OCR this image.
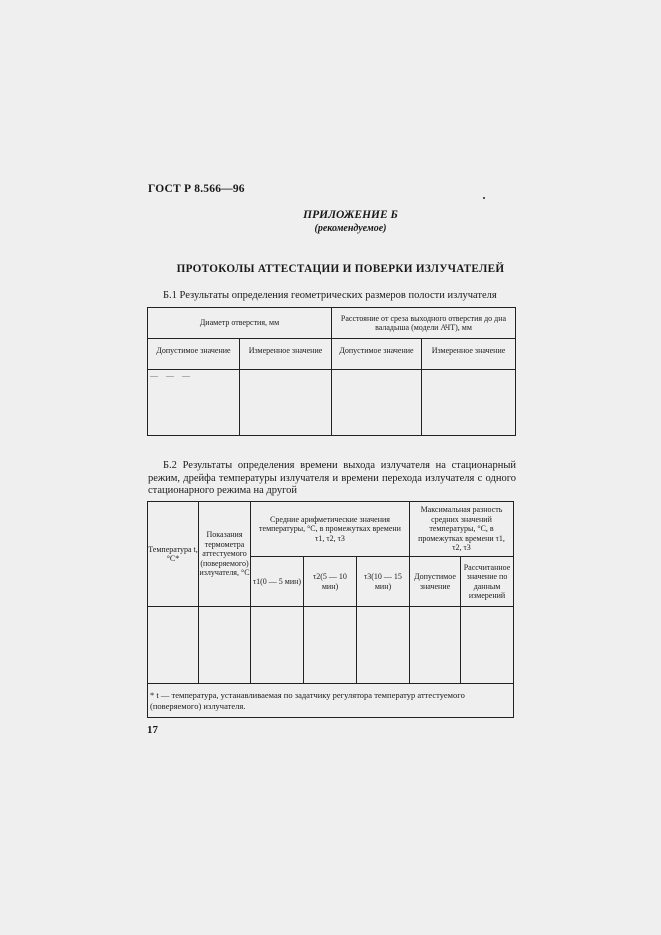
ГОСТ Р 8.566—96
ПРИЛОЖЕНИЕ Б
(рекомендуемое)
ПРОТОКОЛЫ АТТЕСТАЦИИ И ПОВЕРКИ ИЗЛУЧАТЕЛЕЙ
Б.1 Результаты определения геометрических размеров полости излучателя
Диаметр отверстия, мм		Расстояние от среза выходного отверстия до дна валадыша (модели АЧТ), мм	
Допустимое значение	Измеренное значение	Допустимое значение	Измеренное значение

— — —
Б.2 Результаты определения времени выхода излучателя на стационарный режим, дрейфа температуры излучателя и времени перехода излучателя с одного стационарного режима на другой
Температура t, °С*	Показания термометра аттестуемого (поверяемого) излучателя, °С	Средние арифметические значения температуры, °С, в промежутках времени τ1, τ2, τ3			Максимальная разность средних значений температуры, °С, в промежутках времени τ1, τ2, τ3	
		τ1(0 — 5 мин)	τ2(5 — 10 мин)	τ3(10 — 15 мин)	Допустимое значение	Рассчитанное значение по данным измерений

* t — температура, устанавливаемая по задатчику регулятора температур аттестуемого (поверяемого) излучателя.
17
